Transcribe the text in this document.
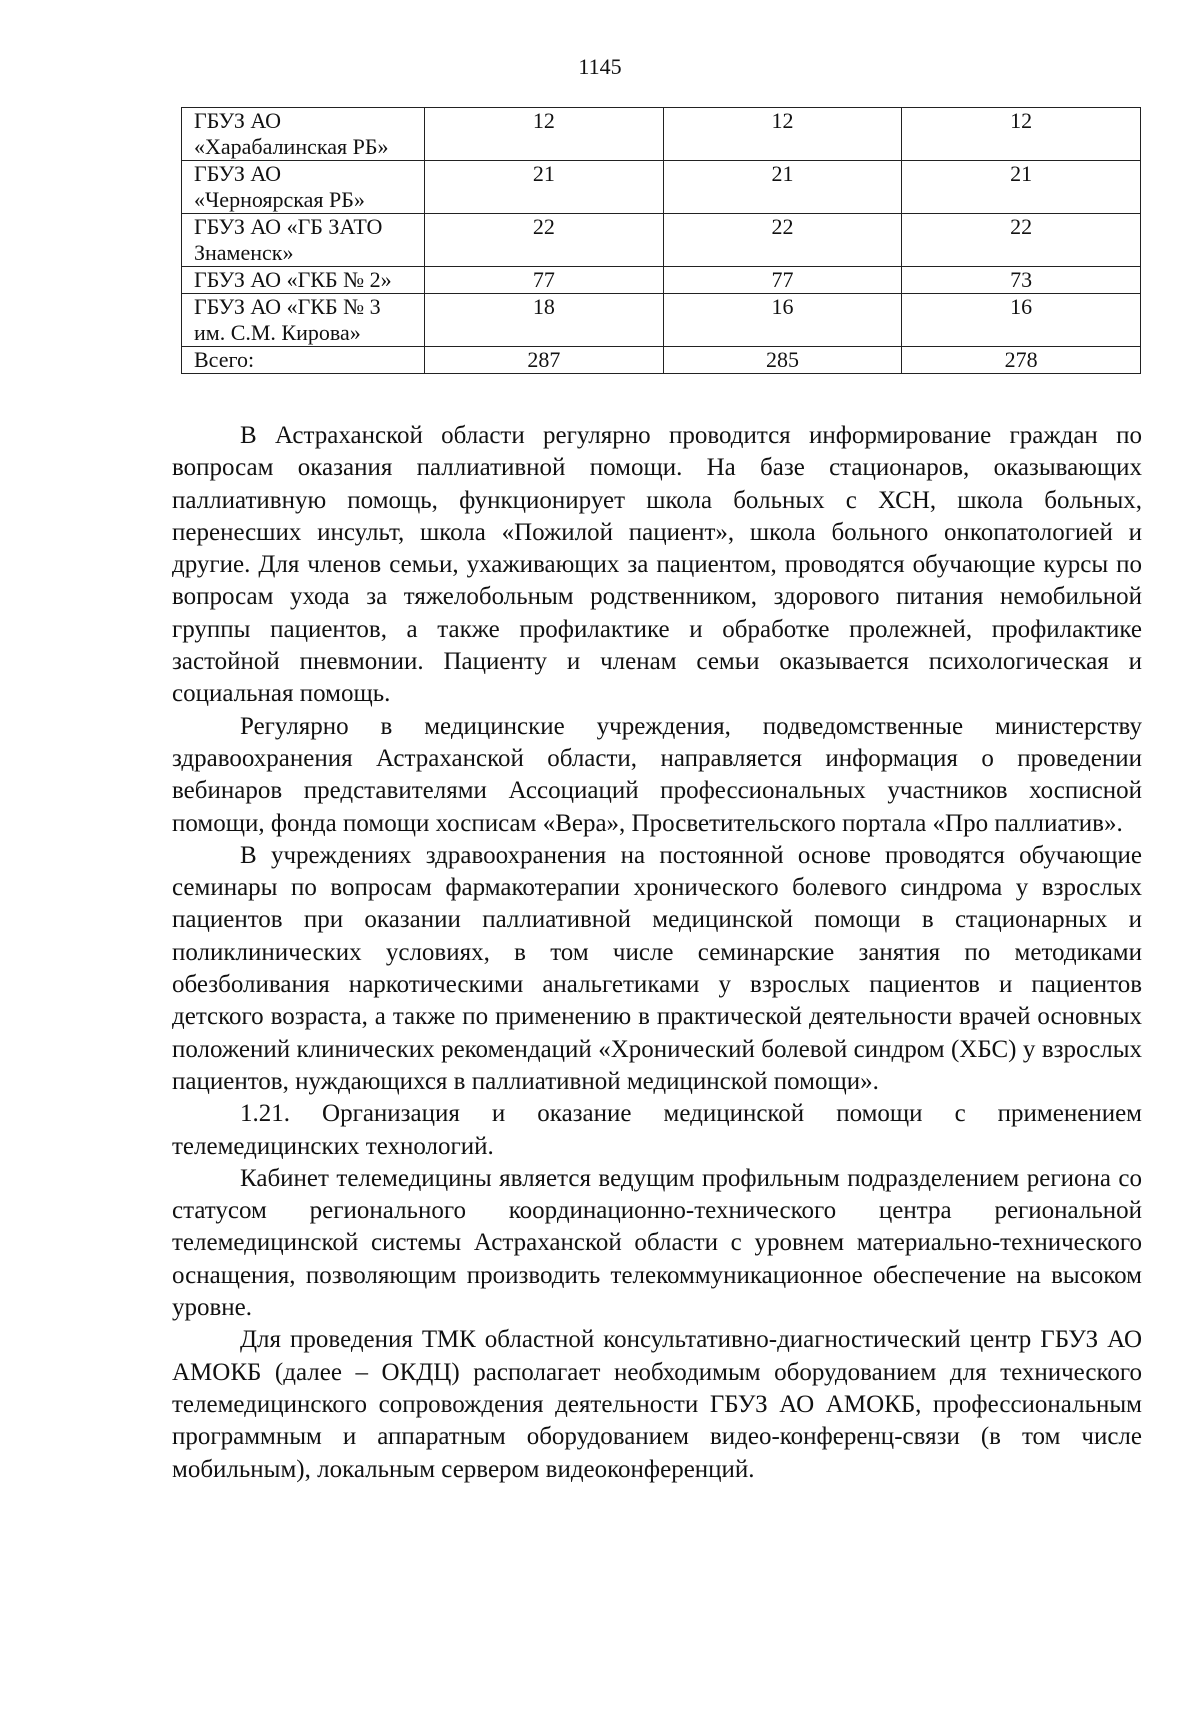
1145
ГБУЗ АО «Харабалинская РБ»	12	12	12
ГБУЗ АО «Черноярская РБ»	21	21	21
ГБУЗ АО «ГБ ЗАТО Знаменск»	22	22	22
ГБУЗ АО «ГКБ № 2»	77	77	73
ГБУЗ АО «ГКБ № 3 им. С.М. Кирова»	18	16	16
Всего:	287	285	278

В Астраханской области регулярно проводится информирование граждан по вопросам оказания паллиативной помощи. На базе стационаров, оказывающих паллиативную помощь, функционирует школа больных с ХСН, школа больных, перенесших инсульт, школа «Пожилой пациент», школа больного онкопатологией и другие. Для членов семьи, ухаживающих за пациентом, проводятся обучающие курсы по вопросам ухода за тяжелобольным родственником, здорового питания немобильной группы пациентов, а также профилактике и обработке пролежней, профилактике застойной пневмонии. Пациенту и членам семьи оказывается психологическая и социальная помощь.

Регулярно в медицинские учреждения, подведомственные министерству здравоохранения Астраханской области, направляется информация о проведении вебинаров представителями Ассоциаций профессиональных участников хосписной помощи, фонда помощи хосписам «Вера», Просветительского портала «Про паллиатив».

В учреждениях здравоохранения на постоянной основе проводятся обучающие семинары по вопросам фармакотерапии хронического болевого синдрома у взрослых пациентов при оказании паллиативной медицинской помощи в стационарных и поликлинических условиях, в том числе семинарские занятия по методиками обезболивания наркотическими анальгетиками у взрослых пациентов и пациентов детского возраста, а также по применению в практической деятельности врачей основных положений клинических рекомендаций «Хронический болевой синдром (ХБС) у взрослых пациентов, нуждающихся в паллиативной медицинской помощи».

1.21. Организация и оказание медицинской помощи с применением телемедицинских технологий.

Кабинет телемедицины является ведущим профильным подразделением региона со статусом регионального координационно-технического центра региональной телемедицинской системы Астраханской области с уровнем материально-технического оснащения, позволяющим производить телекоммуникационное обеспечение на высоком уровне.

Для проведения ТМК областной консультативно-диагностический центр ГБУЗ АО АМОКБ (далее – ОКДЦ) располагает необходимым оборудованием для технического телемедицинского сопровождения деятельности ГБУЗ АО АМОКБ, профессиональным программным и аппаратным оборудованием видео-конференц-связи (в том числе мобильным), локальным сервером видеоконференций.
